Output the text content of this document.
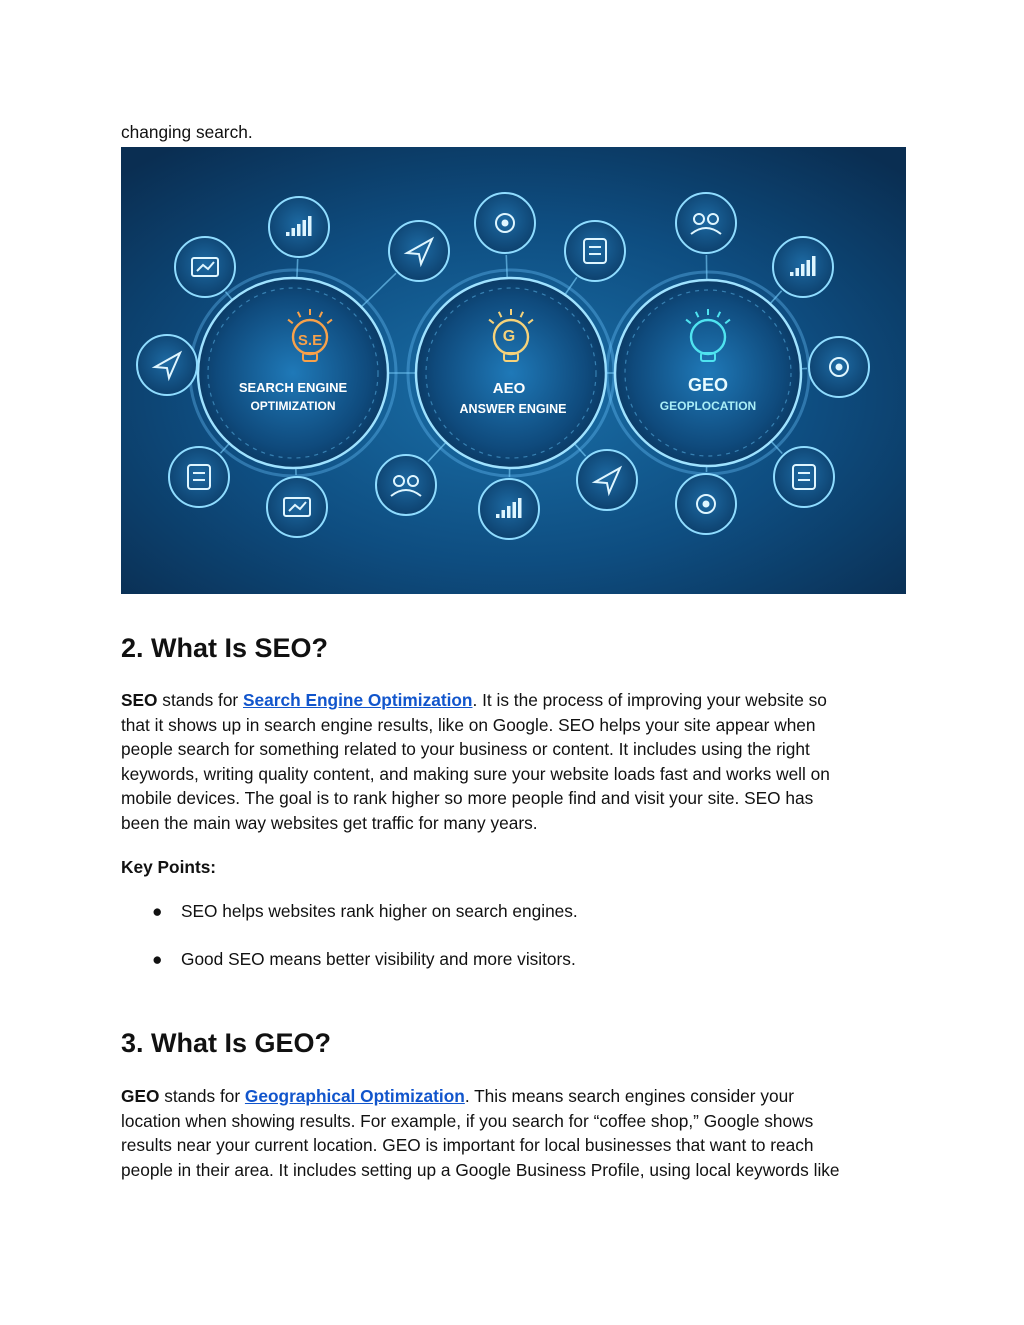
changing search.
S.E
SEARCH ENGINE
OPTIMIZATION
G
AEO
ANSWER ENGINE
GEO
GEOPLOCATION
2. What Is SEO?
SEO stands for Search Engine Optimization. It is the process of improving your website so
that it shows up in search engine results, like on Google. SEO helps your site appear when
people search for something related to your business or content. It includes using the right
keywords, writing quality content, and making sure your website loads fast and works well on
mobile devices. The goal is to rank higher so more people find and visit your site. SEO has
been the main way websites get traffic for many years.
Key Points:
● SEO helps websites rank higher on search engines.
● Good SEO means better visibility and more visitors.
3. What Is GEO?
GEO stands for Geographical Optimization. This means search engines consider your
location when showing results. For example, if you search for “coffee shop,” Google shows
results near your current location. GEO is important for local businesses that want to reach
people in their area. It includes setting up a Google Business Profile, using local keywords like
